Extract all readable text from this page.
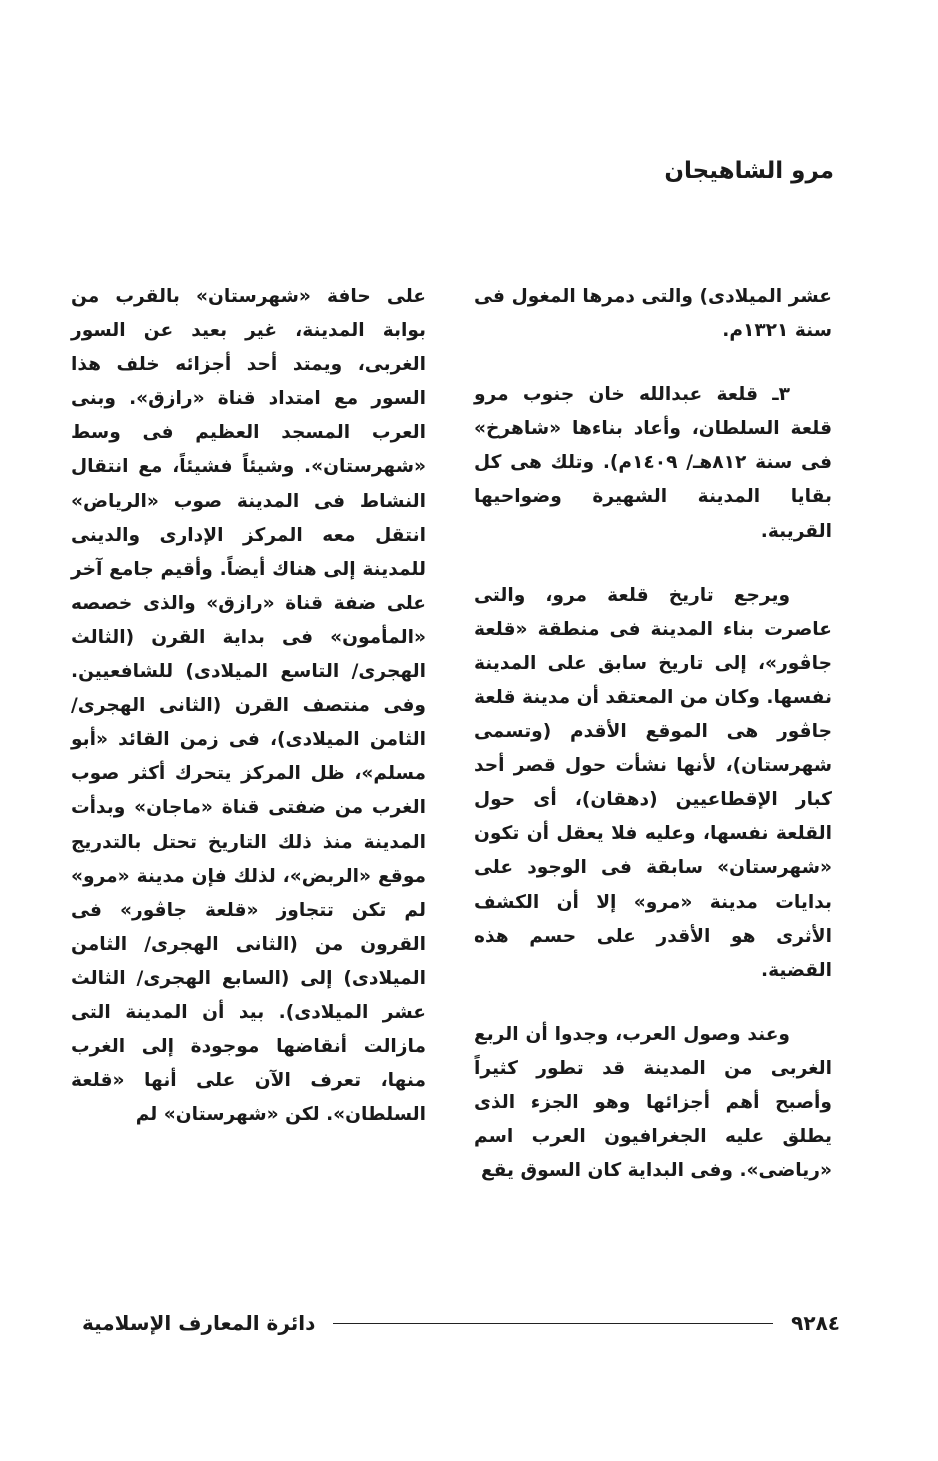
مرو الشاهيجان

عشر الميلادى) والتى دمرها المغول فى سنة ١٣٢١م.

٣ـ قلعة عبدالله خان جنوب مرو قلعة السلطان، وأعاد بناءها «شاهرخ» فى سنة ٨١٢هـ/ ١٤٠٩م). وتلك هى كل بقايا المدينة الشهيرة وضواحيها القريبة.

ويرجع تاريخ قلعة مرو، والتى عاصرت بناء المدينة فى منطقة «قلعة جاڤور»، إلى تاريخ سابق على المدينة نفسها. وكان من المعتقد أن مدينة قلعة جاڤور هى الموقع الأقدم (وتسمى شهرستان)، لأنها نشأت حول قصر أحد كبار الإقطاعيين (دهقان)، أى حول القلعة نفسها، وعليه فلا يعقل أن تكون «شهرستان» سابقة فى الوجود على بدايات مدينة «مرو» إلا أن الكشف الأثرى هو الأقدر على حسم هذه القضية.

وعند وصول العرب، وجدوا أن الربع الغربى من المدينة قد تطور كثيراً وأصبح أهم أجزائها وهو الجزء الذى يطلق عليه الجغرافيون العرب اسم «رياضى». وفى البداية كان السوق يقع

على حافة «شهرستان» بالقرب من بوابة المدينة، غير بعيد عن السور الغربى، ويمتد أحد أجزائه خلف هذا السور مع امتداد قناة «رازق». وبنى العرب المسجد العظيم فى وسط «شهرستان». وشيئاً فشيئاً، مع انتقال النشاط فى المدينة صوب «الرياض» انتقل معه المركز الإدارى والدينى للمدينة إلى هناك أيضاً. وأقيم جامع آخر على ضفة قناة «رازق» والذى خصصه «المأمون» فى بداية القرن (الثالث الهجرى/ التاسع الميلادى) للشافعيين. وفى منتصف القرن (الثانى الهجرى/ الثامن الميلادى)، فى زمن القائد «أبو مسلم»، ظل المركز يتحرك أكثر صوب الغرب من ضفتى قناة «ماجان» وبدأت المدينة منذ ذلك التاريخ تحتل بالتدريج موقع «الربض»، لذلك فإن مدينة «مرو» لم تكن تتجاوز «قلعة جاڤور» فى القرون من (الثانى الهجرى/ الثامن الميلادى) إلى (السابع الهجرى/ الثالث عشر الميلادى). بيد أن المدينة التى مازالت أنقاضها موجودة إلى الغرب منها، تعرف الآن على أنها «قلعة السلطان». لكن «شهرستان» لم

٩٢٨٤
دائرة المعارف الإسلامية
